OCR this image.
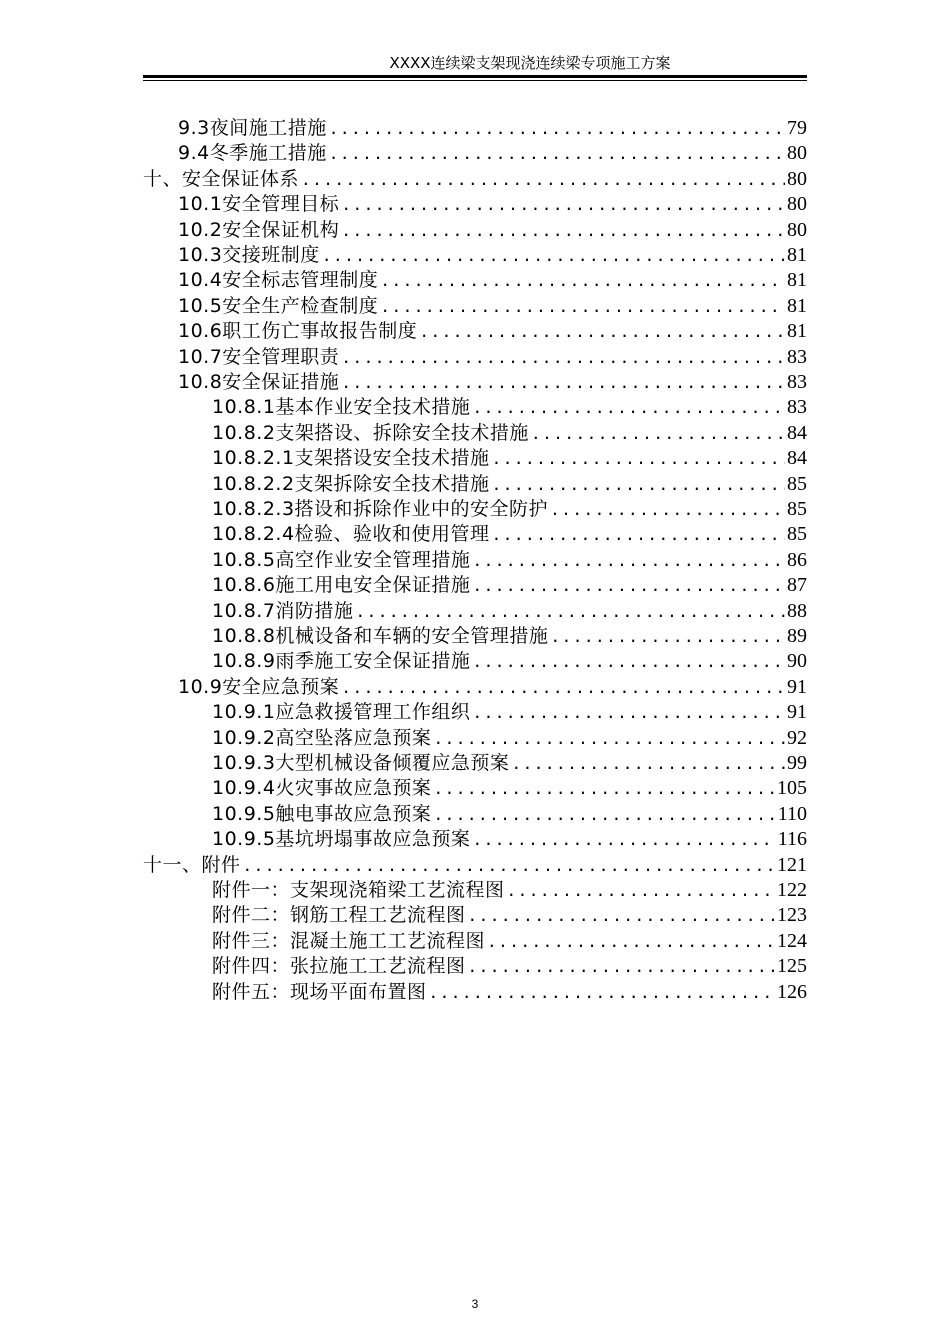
XXXX连续梁支架现浇连续梁专项施工方案
9.3夜间施工措施 .....	79
9.4冬季施工措施 .....	80
十、安全保证体系 .....	80
10.1安全管理目标 .....	80
10.2安全保证机构 .....	80
10.3交接班制度 .....	81
10.4安全标志管理制度 .....	81
10.5安全生产检查制度 .....	81
10.6职工伤亡事故报告制度 .....	81
10.7安全管理职责 .....	83
10.8安全保证措施 .....	83
10.8.1基本作业安全技术措施 .....	83
10.8.2支架搭设、拆除安全技术措施 .....	84
10.8.2.1支架搭设安全技术措施 .....	84
10.8.2.2支架拆除安全技术措施 .....	85
10.8.2.3搭设和拆除作业中的安全防护 .....	85
10.8.2.4检验、验收和使用管理 .....	85
10.8.5高空作业安全管理措施 .....	86
10.8.6施工用电安全保证措施 .....	87
10.8.7消防措施 .....	88
10.8.8机械设备和车辆的安全管理措施 .....	89
10.8.9雨季施工安全保证措施 .....	90
10.9安全应急预案 .....	91
10.9.1应急救援管理工作组织 .....	91
10.9.2高空坠落应急预案 .....	92
10.9.3大型机械设备倾覆应急预案 .....	99
10.9.4火灾事故应急预案 .....	105
10.9.5触电事故应急预案 .....	110
10.9.5基坑坍塌事故应急预案 .....	116
十一、附件 .....	121
附件一：支架现浇箱梁工艺流程图 .....	122
附件二：钢筋工程工艺流程图 .....	123
附件三：混凝土施工工艺流程图 .....	124
附件四：张拉施工工艺流程图 .....	125
附件五：现场平面布置图 .....	126
3
